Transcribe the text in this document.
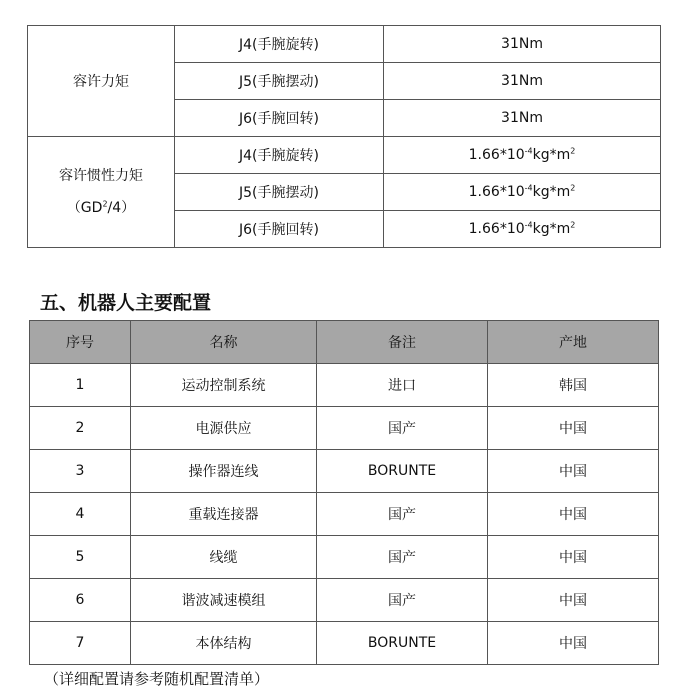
容许力矩	J4(手腕旋转)	31Nm
	J5(手腕摆动)	31Nm
	J6(手腕回转)	31Nm

容许惯性力矩
$(GD^2/4)$	J4(手腕旋转)	$1.66*10^{-4}kg*m^2$
	J5(手腕摆动)	$1.66*10^{-4}kg*m^2$
	J6(手腕回转)	$1.66*10^{-4}kg*m^2$
五、机器人主要配置
序号	名称	备注	产地
1	运动控制系统	进口	韩国
2	电源供应	国产	中国
3	操作器连线	BORUNTE	中国
4	重载连接器	国产	中国
5	线缆	国产	中国
6	谐波减速模组	国产	中国
7	本体结构	BORUNTE	中国
（详细配置请参考随机配置清单）
